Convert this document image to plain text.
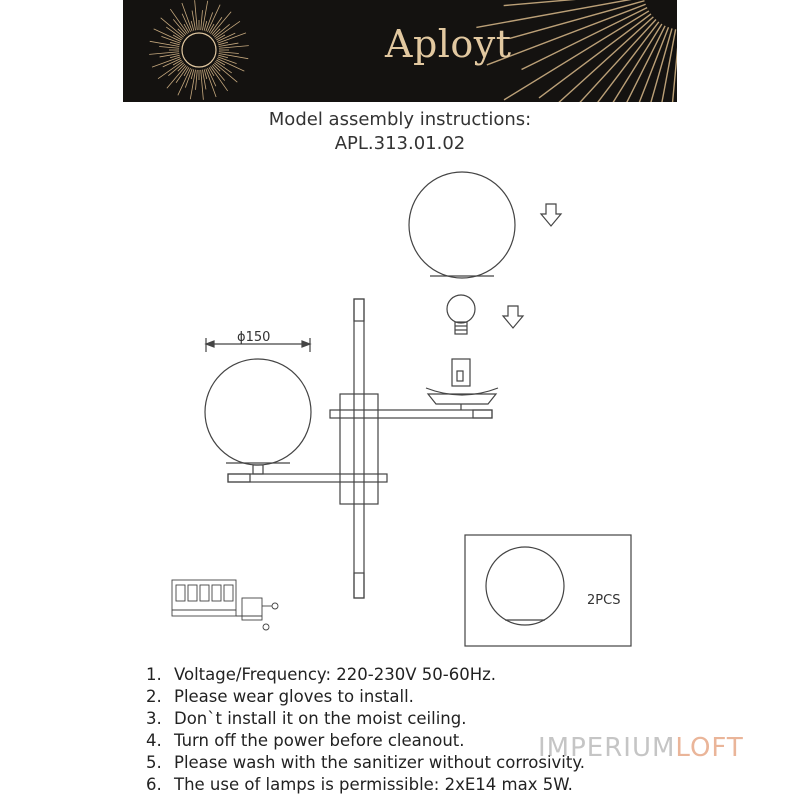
Aployt
Model assembly instructions:
APL.313.01.02
ϕ150
2PCS
1. Voltage/Frequency: 220-230V 50-60Hz.
2. Please wear gloves to install.
3. Don`t install it on the moist ceiling.
4. Turn off the power before cleanout.
5. Please wash with the sanitizer without corrosivity.
6. The use of lamps is permissible: 2xE14 max 5W.
IMPERIUMLOFT
